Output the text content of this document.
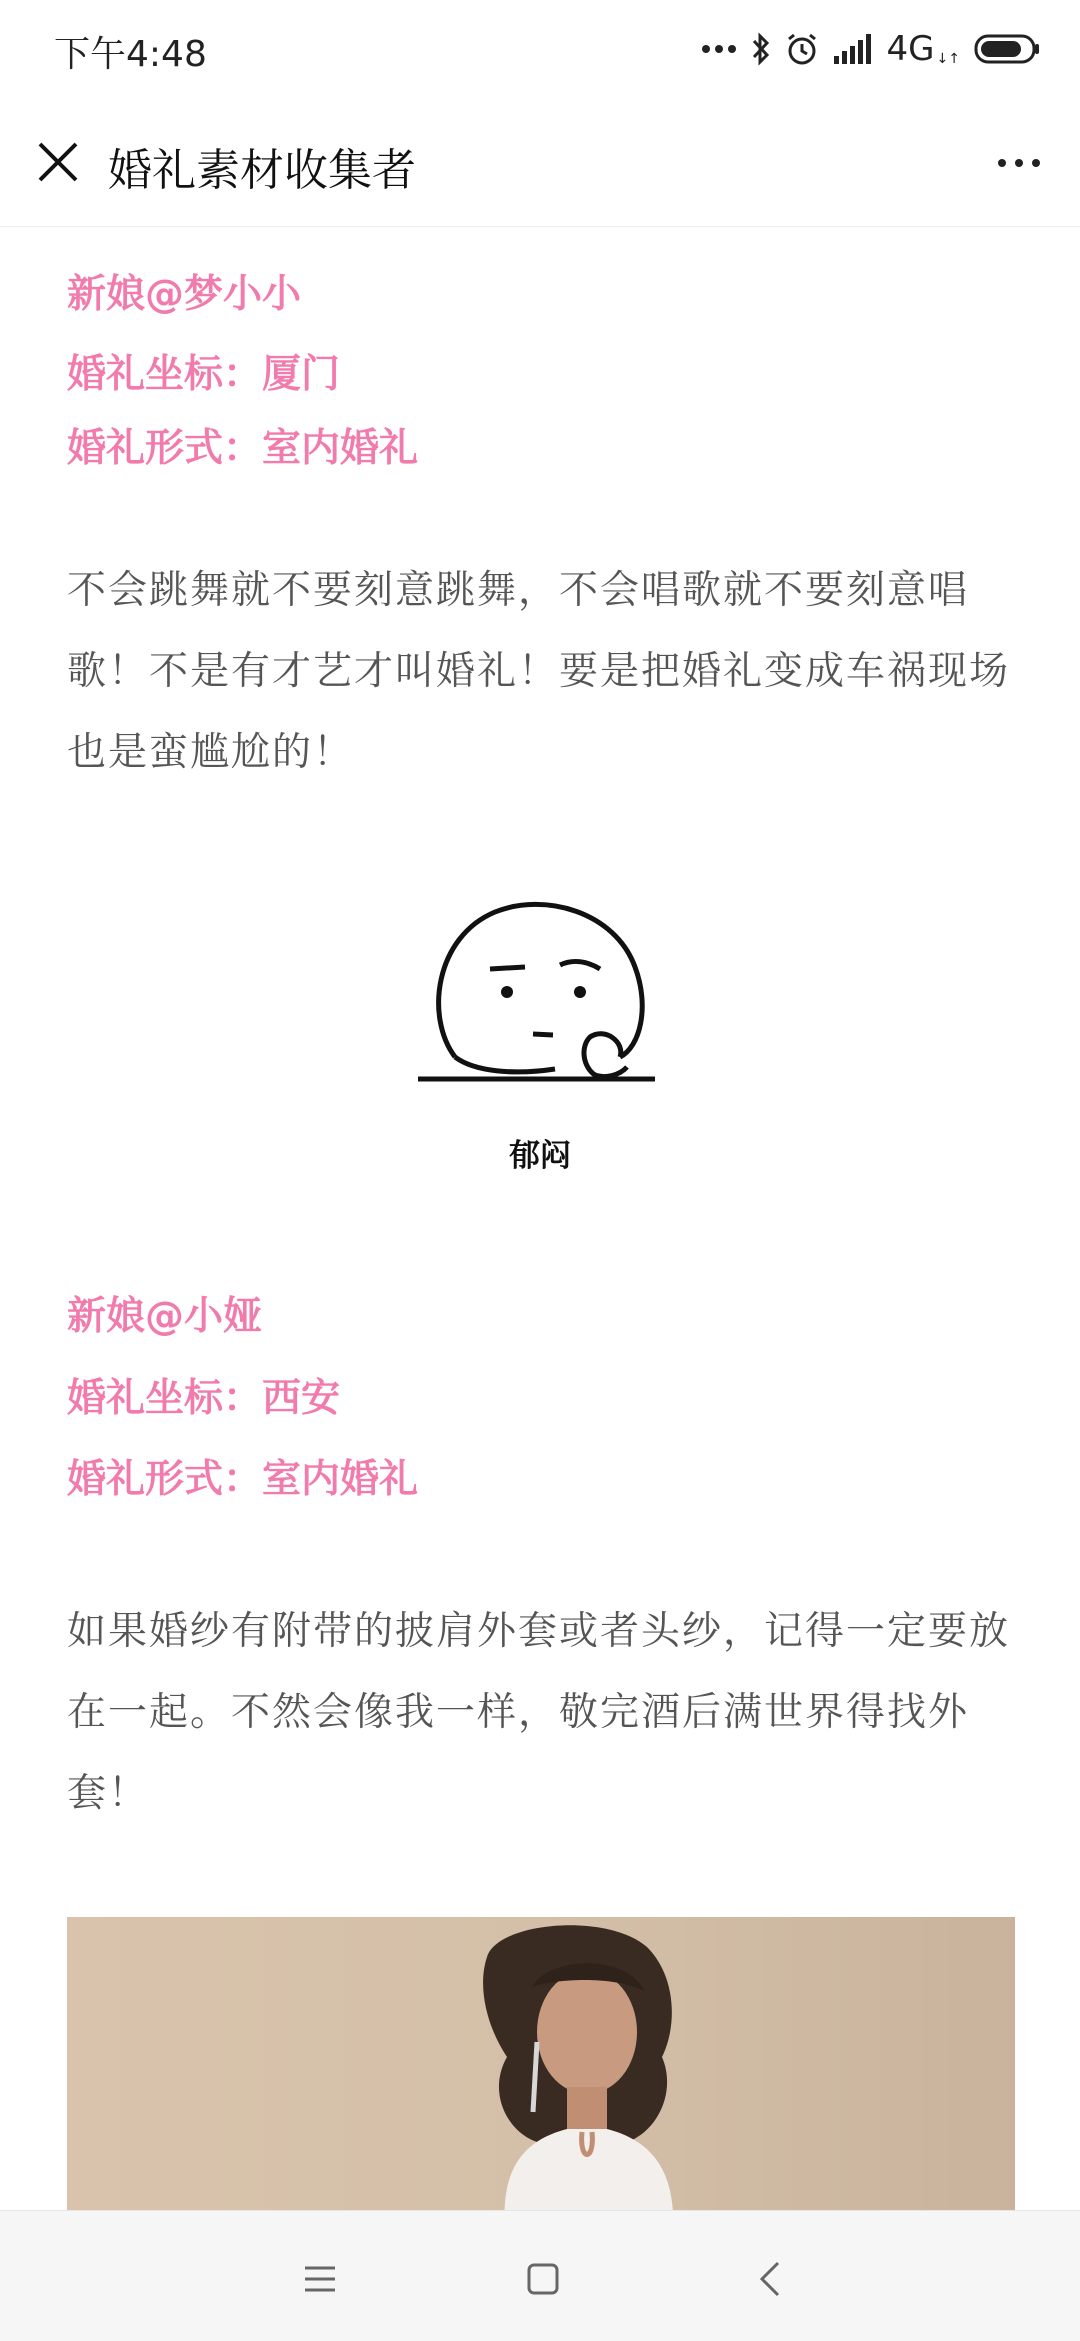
下午4:48	4G ↓↑
婚礼素材收集者
新娘@梦小小
婚礼坐标：厦门
婚礼形式：室内婚礼
不会跳舞就不要刻意跳舞，不会唱歌就不要刻意唱歌！不是有才艺才叫婚礼！要是把婚礼变成车祸现场也是蛮尴尬的！
郁闷
新娘@小娅
婚礼坐标：西安
婚礼形式：室内婚礼
如果婚纱有附带的披肩外套或者头纱，记得一定要放在一起。不然会像我一样，敬完酒后满世界得找外套！
